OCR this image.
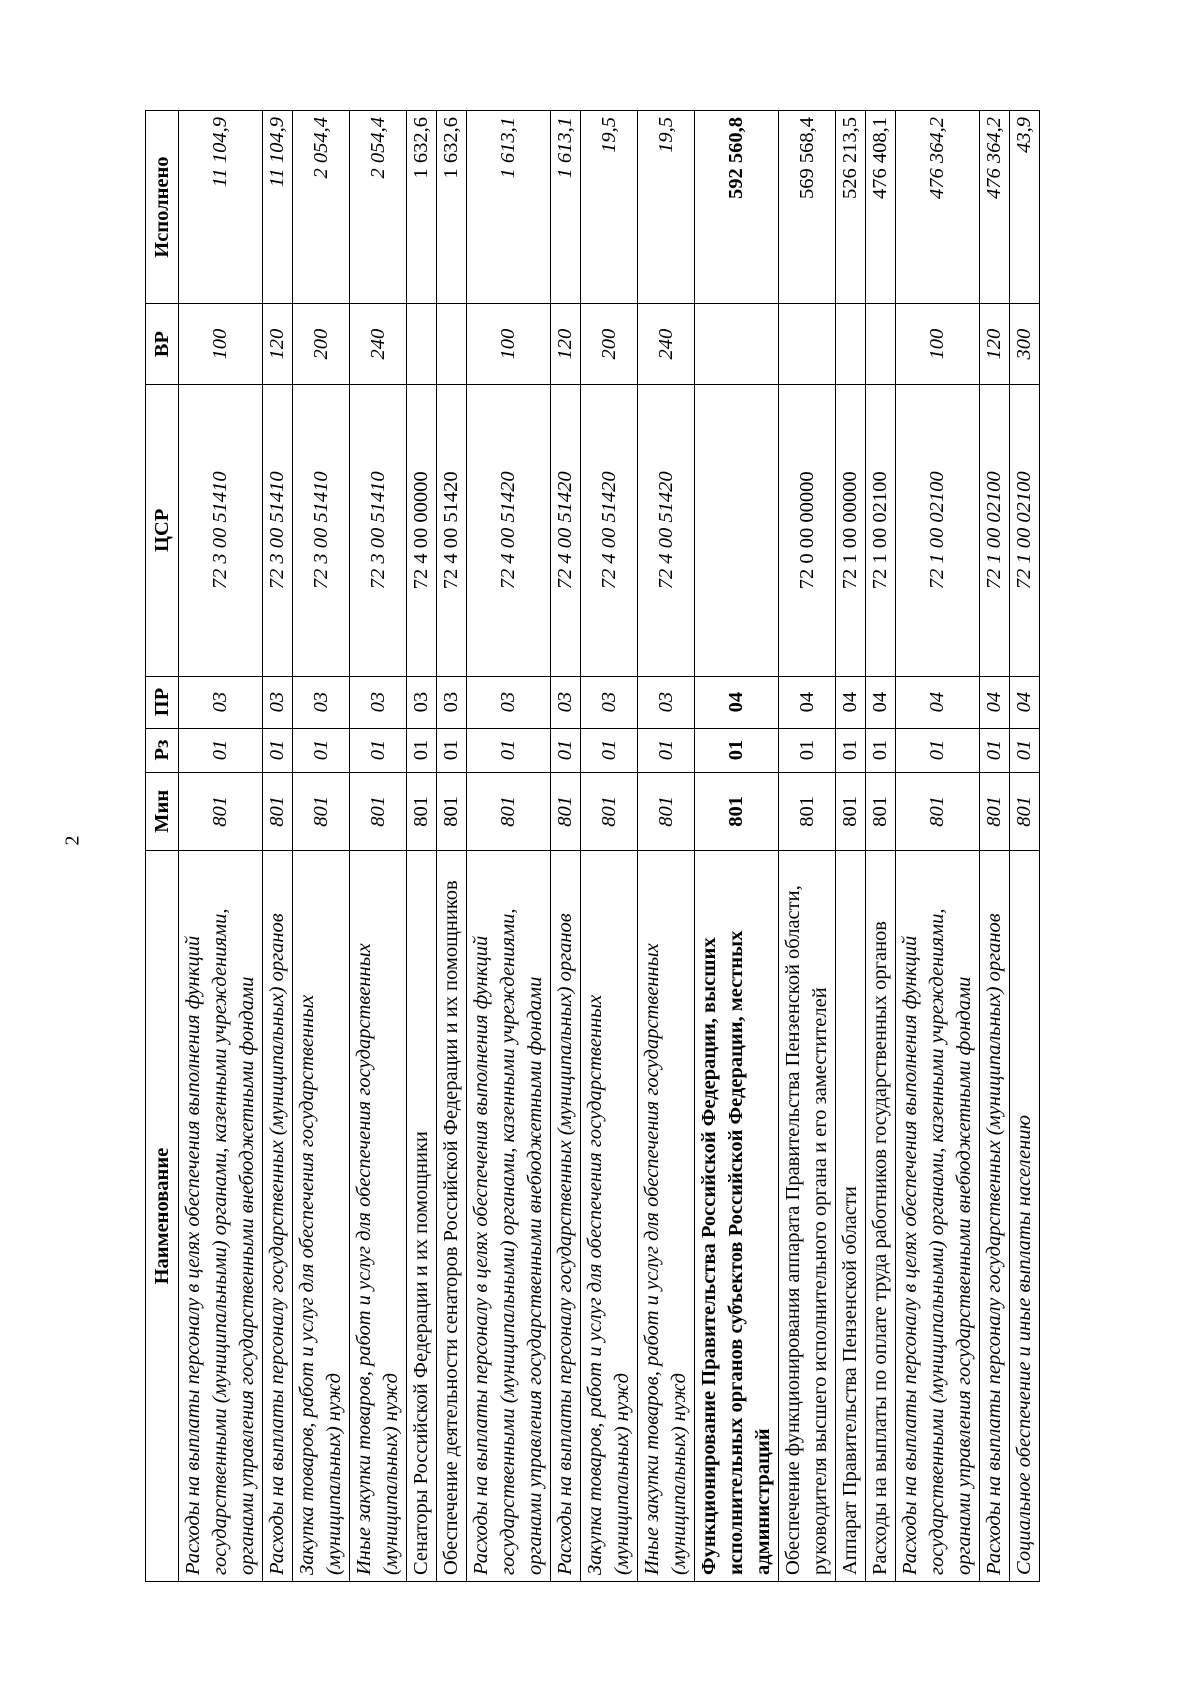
2
Наименование	Мин	Рз	ПР	ЦСР	ВР	Исполнено
Расходы на выплаты персоналу в целях обеспечения выполнения функций государственными (муниципальными) органами, казенными учреждениями, органами управления государственными внебюджетными фондами	801	01	03	72 3 00 51410	100	11 104,9
Расходы на выплаты персоналу государственных (муниципальных) органов	801	01	03	72 3 00 51410	120	11 104,9
Закупка товаров, работ и услуг для обеспечения государственных (муниципальных) нужд	801	01	03	72 3 00 51410	200	2 054,4
Иные закупки товаров, работ и услуг для обеспечения государственных (муниципальных) нужд	801	01	03	72 3 00 51410	240	2 054,4
Сенаторы Российской Федерации и их помощники	801	01	03	72 4 00 00000		1 632,6
Обеспечение деятельности сенаторов Российской Федерации и их помощников	801	01	03	72 4 00 51420		1 632,6
Расходы на выплаты персоналу в целях обеспечения выполнения функций государственными (муниципальными) органами, казенными учреждениями, органами управления государственными внебюджетными фондами	801	01	03	72 4 00 51420	100	1 613,1
Расходы на выплаты персоналу государственных (муниципальных) органов	801	01	03	72 4 00 51420	120	1 613,1
Закупка товаров, работ и услуг для обеспечения государственных (муниципальных) нужд	801	01	03	72 4 00 51420	200	19,5
Иные закупки товаров, работ и услуг для обеспечения государственных (муниципальных) нужд	801	01	03	72 4 00 51420	240	19,5
Функционирование Правительства Российской Федерации, высших исполнительных органов субъектов Российской Федерации, местных администраций	801	01	04			592 560,8
Обеспечение функционирования аппарата Правительства Пензенской области, руководителя высшего исполнительного органа и его заместителей	801	01	04	72 0 00 00000		569 568,4
Аппарат Правительства Пензенской области	801	01	04	72 1 00 00000		526 213,5
Расходы на выплаты по оплате труда работников государственных органов	801	01	04	72 1 00 02100		476 408,1
Расходы на выплаты персоналу в целях обеспечения выполнения функций государственными (муниципальными) органами, казенными учреждениями, органами управления государственными внебюджетными фондами	801	01	04	72 1 00 02100	100	476 364,2
Расходы на выплаты персоналу государственных (муниципальных) органов	801	01	04	72 1 00 02100	120	476 364,2
Социальное обеспечение и иные выплаты населению	801	01	04	72 1 00 02100	300	43,9
